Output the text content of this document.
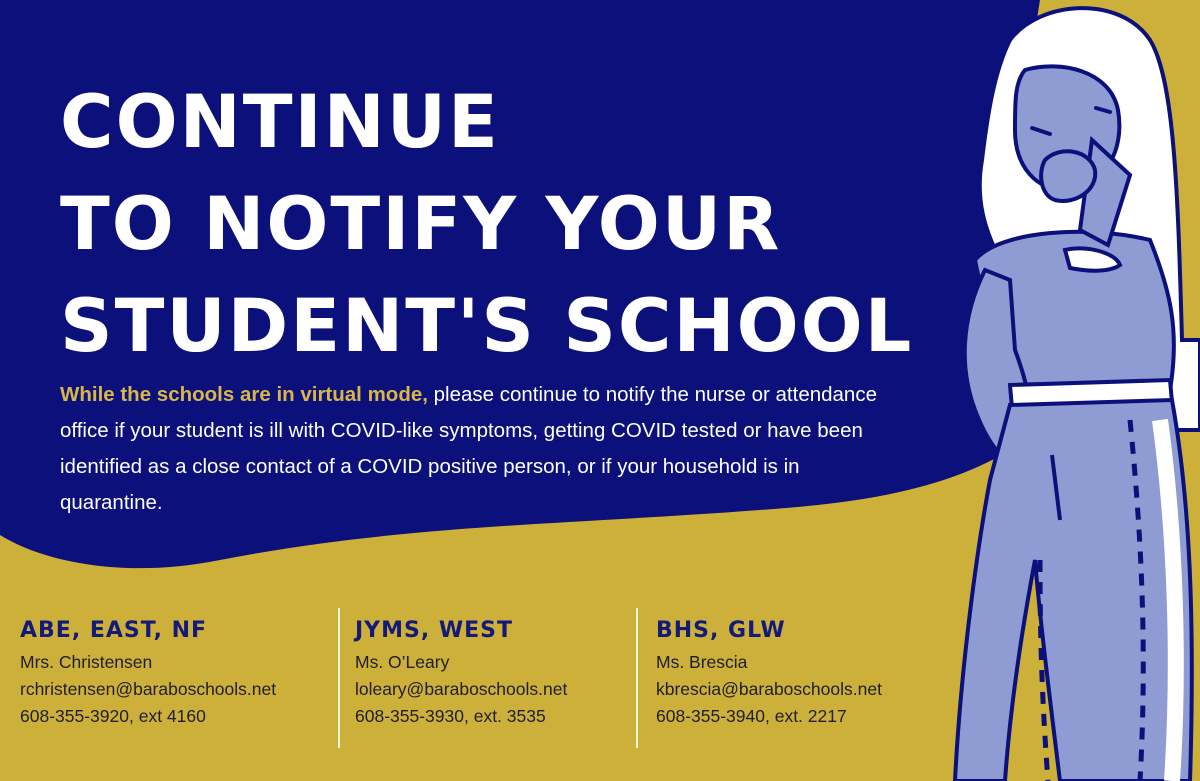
CONTINUE
TO NOTIFY YOUR
STUDENT'S SCHOOL

While the schools are in virtual mode, please continue to notify the nurse or attendance office if your student is ill with COVID-like symptoms, getting COVID tested or have been identified as a close contact of a COVID positive person, or if your household is in quarantine.

ABE, EAST, NF
Mrs. Christensen
rchristensen@baraboschools.net
608-355-3920, ext 4160
JYMS, WEST
Ms. O’Leary
loleary@baraboschools.net
608-355-3930, ext. 3535
BHS, GLW
Ms. Brescia
kbrescia@baraboschools.net
608-355-3940, ext. 2217
